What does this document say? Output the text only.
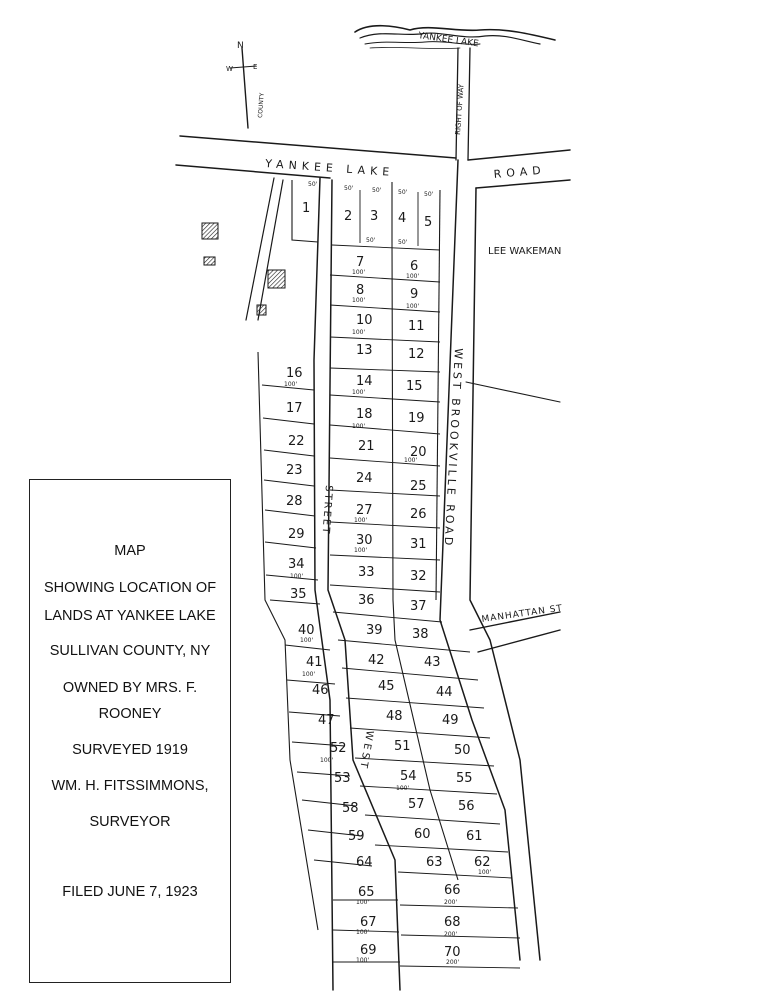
YANKEE LAKE
RIGHT OF WAY
N
W	E
COUNTY
YANKEE LAKE	ROAD
LEE WAKEMAN
STREET
WEST
WEST BROOKVILLE ROAD
MANHATTAN ST
1
2 3 4 5
6
7
8	9
10	11
12
13
14	15
16
17	18	19
20
21
22
23
24
25
26
27
28
29	30	31
32
33
34
35	36	37
38
39
40
41	42	43
44
45
46
47	48	49
50
51
52
53	54	55
56
57
58
59	60	61
62
63
64
65	66
67	68
69	70
50'
50'	50'	50'	50'
50'	50'
100'
100'
100'
100'
100'
100'
100'
100'
100'
100'
100'
100'
100'
100'
100'
100'
100'
100'	200'
100'	200'
100'	200'
MAP
SHOWING LOCATION OF
LANDS AT YANKEE LAKE
SULLIVAN COUNTY, NY
OWNED BY MRS. F.
ROONEY
SURVEYED 1919
WM. H. FITSSIMMONS,
SURVEYOR
FILED JUNE 7, 1923
